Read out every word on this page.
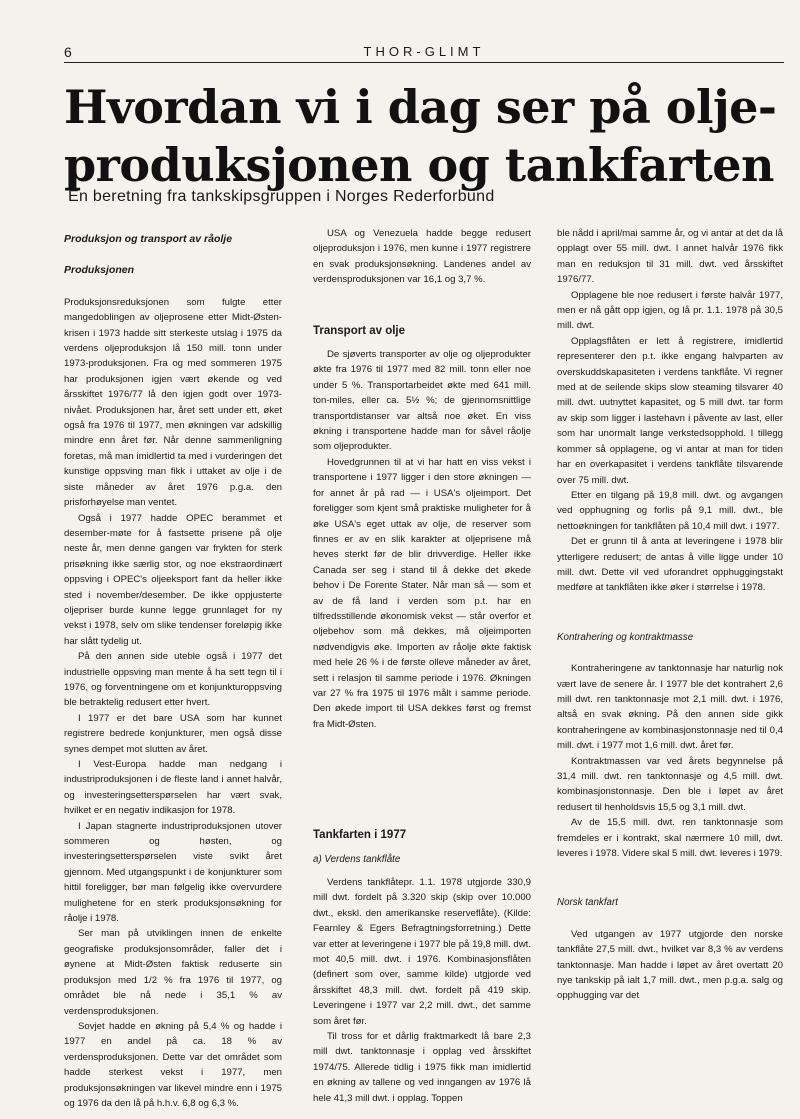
6	THOR-GLIMT
Hvordan vi i dag ser på olje-produksjonen og tankfarten
En beretning fra tankskipsgruppen i Norges Rederforbund
Produksjon og transport av råolje
Produksjonen

Produksjonsreduksjonen som fulgte etter mangedoblingen av oljeprosene etter Midt-Østen-krisen i 1973 hadde sitt sterkeste utslag i 1975 da verdens oljeproduksjon lå 150 mill. tonn under 1973-produksjonen. Fra og med sommeren 1975 har produksjonen igjen vært økende og ved årsskiftet 1976/77 lå den igjen godt over 1973-nivået. Produksjonen har, året sett under ett, øket også fra 1976 til 1977, men økningen var adskillig mindre enn året før. Når denne sammenligning foretas, må man imidlertid ta med i vurderingen det kunstige oppsving man fikk i uttaket av olje i de siste måneder av året 1976 p.g.a. den prisforhøyelse man ventet.

Også i 1977 hadde OPEC berammet et desember-møte for å fastsette prisene på olje neste år, men denne gangen var frykten for sterk prisøkning ikke særlig stor, og noe ekstraordinært oppsving i OPEC's oljeeksport fant da heller ikke sted i november/desember. De ikke oppjusterte oljepriser burde kunne legge grunnlaget for ny vekst i 1978, selv om slike tendenser foreløpig ikke har slått tydelig ut.

På den annen side uteble også i 1977 det industrielle oppsving man mente å ha sett tegn til i 1976, og forventningene om et konjunkturoppsving ble betraktelig redusert etter hvert.

I 1977 er det bare USA som har kunnet registrere bedrede konjunkturer, men også disse synes dempet mot slutten av året.

I Vest-Europa hadde man nedgang i industriproduksjonen i de fleste land i annet halvår, og investeringsetterspørselen har vært svak, hvilket er en negativ indikasjon for 1978.

I Japan stagnerte industriproduksjonen utover sommeren og høsten, og investeringsetterspørselen viste svikt året gjennom. Med utgangspunkt i de konjunkturer som hittil foreligger, bør man følgelig ikke overvurdere mulighetene for en sterk produksjonsøkning for råolje i 1978.

Ser man på utviklingen innen de enkelte geografiske produksjonsområder, faller det i øynene at Midt-Østen faktisk reduserte sin produksjon med 1/2 % fra 1976 til 1977, og området ble nå nede i 35,1 % av verdensproduksjonen.

Sovjet hadde en økning på 5,4 % og hadde i 1977 en andel på ca. 18 % av verdensproduksjonen. Dette var det området som hadde sterkest vekst i 1977, men produksjonsøkningen var likevel mindre enn i 1975 og 1976 da den lå på h.h.v. 6,8 og 6,3 %.

USA og Venezuela hadde begge redusert oljeproduksjon i 1976, men kunne i 1977 registrere en svak produksjonsøkning. Landenes andel av verdensproduksjonen var 16,1 og 3,7 %.

Transport av olje

De sjøverts transporter av olje og oljeprodukter økte fra 1976 til 1977 med 82 mill. tonn eller noe under 5 %. Transportarbeidet økte med 641 mill. ton-miles, eller ca. 5½ %; de gjennomsnittlige transportdistanser var altså noe øket. En viss økning i transportene hadde man for såvel råolje som oljeprodukter.

Hovedgrunnen til at vi har hatt en viss vekst i transportene i 1977 ligger i den store økningen — for annet år på rad — i USA's oljeimport. Det foreligger som kjent små praktiske muligheter for å øke USA's eget uttak av olje, de reserver som finnes er av en slik karakter at oljeprisene må heves sterkt før de blir drivverdige. Heller ikke Canada ser seg i stand til å dekke det økede behov i De Forente Stater. Når man så — som et av de få land i verden som p.t. har en tilfredsstillende økonomisk vekst — står overfor et oljebehov som må dekkes, må oljeimporten nødvendigvis øke. Importen av råolje økte faktisk med hele 26 % i de første olleve måneder av året, sett i relasjon til samme periode i 1976. Økningen var 27 % fra 1975 til 1976 målt i samme periode. Den økede import til USA dekkes først og fremst fra Midt-Østen.

Tankfarten i 1977
a) Verdens tankflåte

Verdens tankflåtepr. 1.1. 1978 utgjorde 330,9 mill dwt. fordelt på 3.320 skip (skip over 10.000 dwt., ekskl. den amerikanske reserveflåte). (Kilde: Fearnley & Egers Befragtningsforretning.) Dette var etter at leveringene i 1977 ble på 19,8 mill. dwt. mot 40,5 mill. dwt. i 1976. Kombinasjonsflåten (definert som over, samme kilde) utgjorde ved årsskiftet 48,3 mill. dwt. fordelt på 419 skip. Leveringene i 1977 var 2,2 mill. dwt., det samme som året før.

Til tross for et dårlig fraktmarkedt lå bare 2,3 mill dwt. tanktonnasje i opplag ved årsskiftet 1974/75. Allerede tidlig i 1975 fikk man imidlertid en økning av tallene og ved inngangen av 1976 lå hele 41,3 mill dwt. i opplag. Toppen

ble nådd i april/mai samme år, og vi antar at det da lå opplagt over 55 mill. dwt. I annet halvår 1976 fikk man en reduksjon til 31 mill. dwt. ved årsskiftet 1976/77.

Opplagene ble noe redusert i første halvår 1977, men er nå gått opp igjen, og lå pr. 1.1. 1978 på 30,5 mill. dwt.

Opplagsflåten er lett å registrere, imidlertid representerer den p.t. ikke engang halvparten av overskuddskapasiteten i verdens tankflåte. Vi regner med at de seilende skips slow steaming tilsvarer 40 mill. dwt. uutnyttet kapasitet, og 5 mill dwt. tar form av skip som ligger i lastehavn i påvente av last, eller som har unormalt lange verkstedsopphold. I tillegg kommer så opplagene, og vi antar at man for tiden har en overkapasitet i verdens tankflåte tilsvarende over 75 mill. dwt.

Etter en tilgang på 19,8 mill. dwt. og avgangen ved opphugning og forlis på 9,1 mill. dwt., ble nettoøkningen for tankflåten på 10,4 mill dwt. i 1977.

Det er grunn til å anta at leveringene i 1978 blir ytterligere redusert; de antas å ville ligge under 10 mill. dwt. Dette vil ved uforandret opphuggingstakt medføre at tankflåten ikke øker i størrelse i 1978.

Kontrahering og kontraktmasse

Kontraheringene av tanktonnasje har naturlig nok vært lave de senere år. I 1977 ble det kontrahert 2,6 mill dwt. ren tanktonnasje mot 2,1 mill. dwt. i 1976, altså en svak økning. På den annen side gikk kontraheringene av kombinasjonstonnasje ned til 0,4 mill. dwt. i 1977 mot 1,6 mill. dwt. året før.

Kontraktmassen var ved årets begynnelse på 31,4 mill. dwt. ren tanktonnasje og 4,5 mill. dwt. kombinasjonstonnasje. Den ble i løpet av året redusert til henholdsvis 15,5 og 3,1 mill. dwt.

Av de 15,5 mill. dwt. ren tanktonnasje som fremdeles er i kontrakt, skal nærmere 10 mill, dwt. leveres i 1978. Videre skal 5 mill. dwt. leveres i 1979.

Norsk tankfart

Ved utgangen av 1977 utgjorde den norske tankflåte 27,5 mill. dwt., hvilket var 8,3 % av verdens tanktonnasje. Man hadde i løpet av året overtatt 20 nye tankskip på ialt 1,7 mill. dwt., men p.g.a. salg og opphugging var det
